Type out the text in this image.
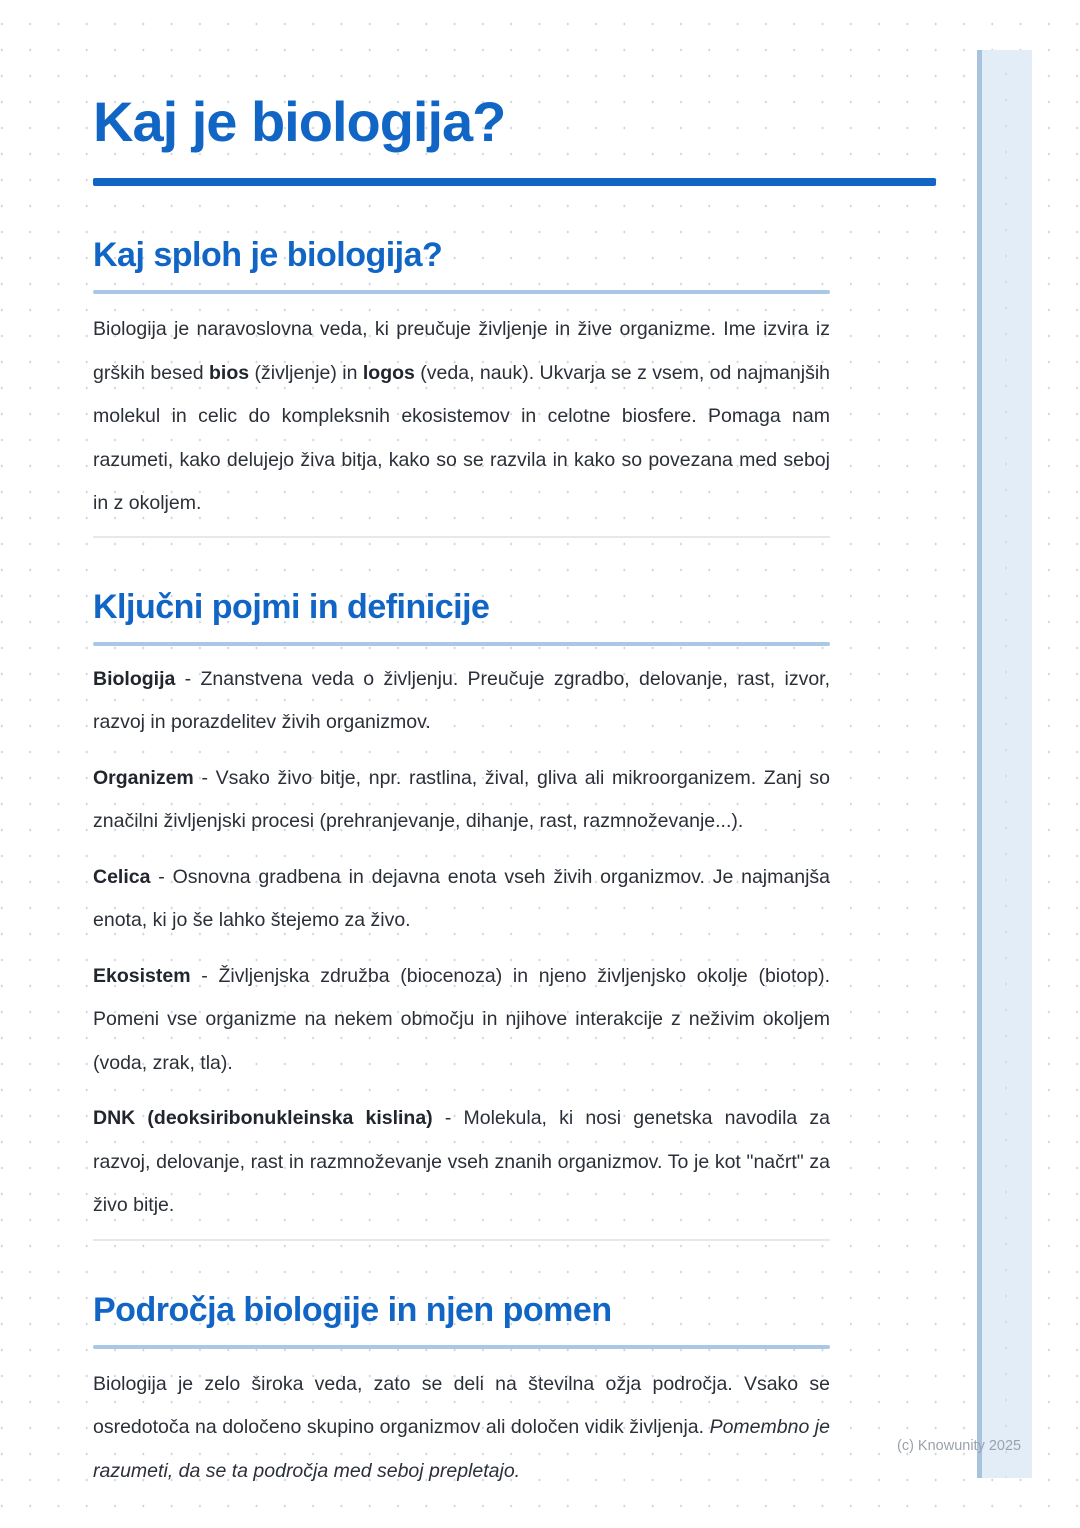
Kaj je biologija?
Kaj sploh je biologija?

Biologija je naravoslovna veda, ki preučuje življenje in žive organizme. Ime izvira iz grških besed bios (življenje) in logos (veda, nauk). Ukvarja se z vsem, od najmanjših molekul in celic do kompleksnih ekosistemov in celotne biosfere. Pomaga nam razumeti, kako delujejo živa bitja, kako so se razvila in kako so povezana med seboj in z okoljem.

Ključni pojmi in definicije

Biologija - Znanstvena veda o življenju. Preučuje zgradbo, delovanje, rast, izvor, razvoj in porazdelitev živih organizmov.

Organizem - Vsako živo bitje, npr. rastlina, žival, gliva ali mikroorganizem. Zanj so značilni življenjski procesi (prehranjevanje, dihanje, rast, razmnoževanje...).

Celica - Osnovna gradbena in dejavna enota vseh živih organizmov. Je najmanjša enota, ki jo še lahko štejemo za živo.

Ekosistem - Življenjska združba (biocenoza) in njeno življenjsko okolje (biotop). Pomeni vse organizme na nekem območju in njihove interakcije z neživim okoljem (voda, zrak, tla).

DNK (deoksiribonukleinska kislina) - Molekula, ki nosi genetska navodila za razvoj, delovanje, rast in razmnoževanje vseh znanih organizmov. To je kot "načrt" za živo bitje.

Področja biologije in njen pomen

Biologija je zelo široka veda, zato se deli na številna ožja področja. Vsako se osredotoča na določeno skupino organizmov ali določen vidik življenja. Pomembno je razumeti, da se ta področja med seboj prepletajo.

(c) Knowunity 2025
